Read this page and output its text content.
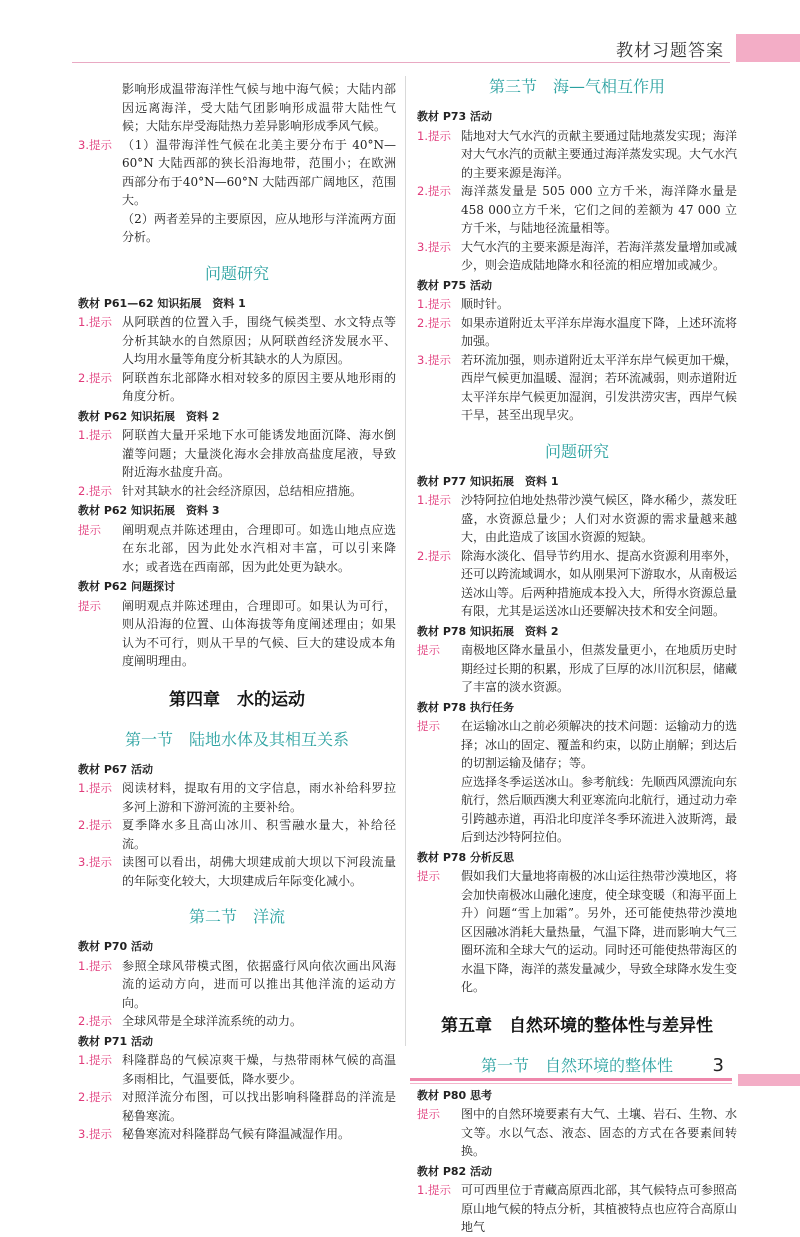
教材习题答案

影响形成温带海洋性气候与地中海气候；大陆内部因远离海洋，受大陆气团影响形成温带大陆性气候；大陆东岸受海陆热力差异影响形成季风气候。

3.提示 （1）温带海洋性气候在北美主要分布于 40°N—60°N 大陆西部的狭长沿海地带，范围小；在欧洲西部分布于40°N—60°N 大陆西部广阔地区，范围大。

（2）两者差异的主要原因，应从地形与洋流两方面分析。

问题研究
教材 P61—62 知识拓展　资料 1
1.提示 从阿联酋的位置入手，围绕气候类型、水文特点等分析其缺水的自然原因；从阿联酋经济发展水平、人均用水量等角度分析其缺水的人为原因。
2.提示 阿联酋东北部降水相对较多的原因主要从地形雨的角度分析。
教材 P62 知识拓展　资料 2
1.提示 阿联酋大量开采地下水可能诱发地面沉降、海水倒灌等问题；大量淡化海水会排放高盐度尾液，导致附近海水盐度升高。
2.提示 针对其缺水的社会经济原因，总结相应措施。
教材 P62 知识拓展　资料 3
提示	阐明观点并陈述理由，合理即可。如选山地点应选在东北部，因为此处水汽相对丰富，可以引来降水；或者选在西南部，因为此处更为缺水。
教材 P62 问题探讨
提示	阐明观点并陈述理由，合理即可。如果认为可行，则从沿海的位置、山体海拔等角度阐述理由；如果认为不可行，则从干旱的气候、巨大的建设成本角度阐明理由。
第四章　水的运动
第一节　陆地水体及其相互关系
教材 P67 活动
1.提示 阅读材料，提取有用的文字信息，雨水补给科罗拉多河上游和下游河流的主要补给。
2.提示 夏季降水多且高山冰川、积雪融水量大，补给径流。
3.提示 读图可以看出，胡佛大坝建成前大坝以下河段流量的年际变化较大，大坝建成后年际变化减小。
第二节　洋流
教材 P70 活动
1.提示 参照全球风带模式图，依据盛行风向依次画出风海流的运动方向，进而可以推出其他洋流的运动方向。
2.提示 全球风带是全球洋流系统的动力。
教材 P71 活动
1.提示 科隆群岛的气候凉爽干燥，与热带雨林气候的高温多雨相比，气温要低，降水要少。
2.提示 对照洋流分布图，可以找出影响科隆群岛的洋流是秘鲁寒流。
3.提示 秘鲁寒流对科隆群岛气候有降温减湿作用。
第三节　海—气相互作用
教材 P73 活动
1.提示 陆地对大气水汽的贡献主要通过陆地蒸发实现；海洋对大气水汽的贡献主要通过海洋蒸发实现。大气水汽的主要来源是海洋。
2.提示 海洋蒸发量是 505 000 立方千米，海洋降水量是458 000立方千米，它们之间的差额为 47 000 立方千米，与陆地径流量相等。
3.提示 大气水汽的主要来源是海洋，若海洋蒸发量增加或减少，则会造成陆地降水和径流的相应增加或减少。
教材 P75 活动
1.提示 顺时针。
2.提示 如果赤道附近太平洋东岸海水温度下降，上述环流将加强。
3.提示 若环流加强，则赤道附近太平洋东岸气候更加干燥，西岸气候更加温暖、湿润；若环流减弱，则赤道附近太平洋东岸气候更加湿润，引发洪涝灾害，西岸气候干旱，甚至出现旱灾。
问题研究
教材 P77 知识拓展　资料 1
1.提示 沙特阿拉伯地处热带沙漠气候区，降水稀少，蒸发旺盛，水资源总量少；人们对水资源的需求量越来越大，由此造成了该国水资源的短缺。
2.提示 除海水淡化、倡导节约用水、提高水资源利用率外，还可以跨流域调水，如从刚果河下游取水，从南极运送冰山等。后两种措施成本投入大，所得水资源总量有限，尤其是运送冰山还要解决技术和安全问题。
教材 P78 知识拓展　资料 2
提示	南极地区降水量虽小，但蒸发量更小，在地质历史时期经过长期的积累，形成了巨厚的冰川沉积层，储藏了丰富的淡水资源。
教材 P78 执行任务
提示	在运输冰山之前必须解决的技术问题：运输动力的选择；冰山的固定、覆盖和约束，以防止崩解；到达后的切割运输及储存；等。

应选择冬季运送冰山。参考航线：先顺西风漂流向东航行，然后顺西澳大利亚寒流向北航行，通过动力牵引跨越赤道，再沿北印度洋冬季环流进入波斯湾，最后到达沙特阿拉伯。

教材 P78 分析反思
提示	假如我们大量地将南极的冰山运往热带沙漠地区，将会加快南极冰山融化速度，使全球变暖（和海平面上升）问题“雪上加霜”。另外，还可能使热带沙漠地区因融冰消耗大量热量，气温下降，进而影响大气三圈环流和全球大气的运动。同时还可能使热带海区的水温下降，海洋的蒸发量减少，导致全球降水发生变化。
第五章　自然环境的整体性与差异性
第一节　自然环境的整体性
教材 P80 思考
提示	图中的自然环境要素有大气、土壤、岩石、生物、水文等。水以气态、液态、固态的方式在各要素间转换。
教材 P82 活动
1.提示 可可西里位于青藏高原西北部，其气候特点可参照高原山地气候的特点分析，其植被特点也应符合高原山地气
3
